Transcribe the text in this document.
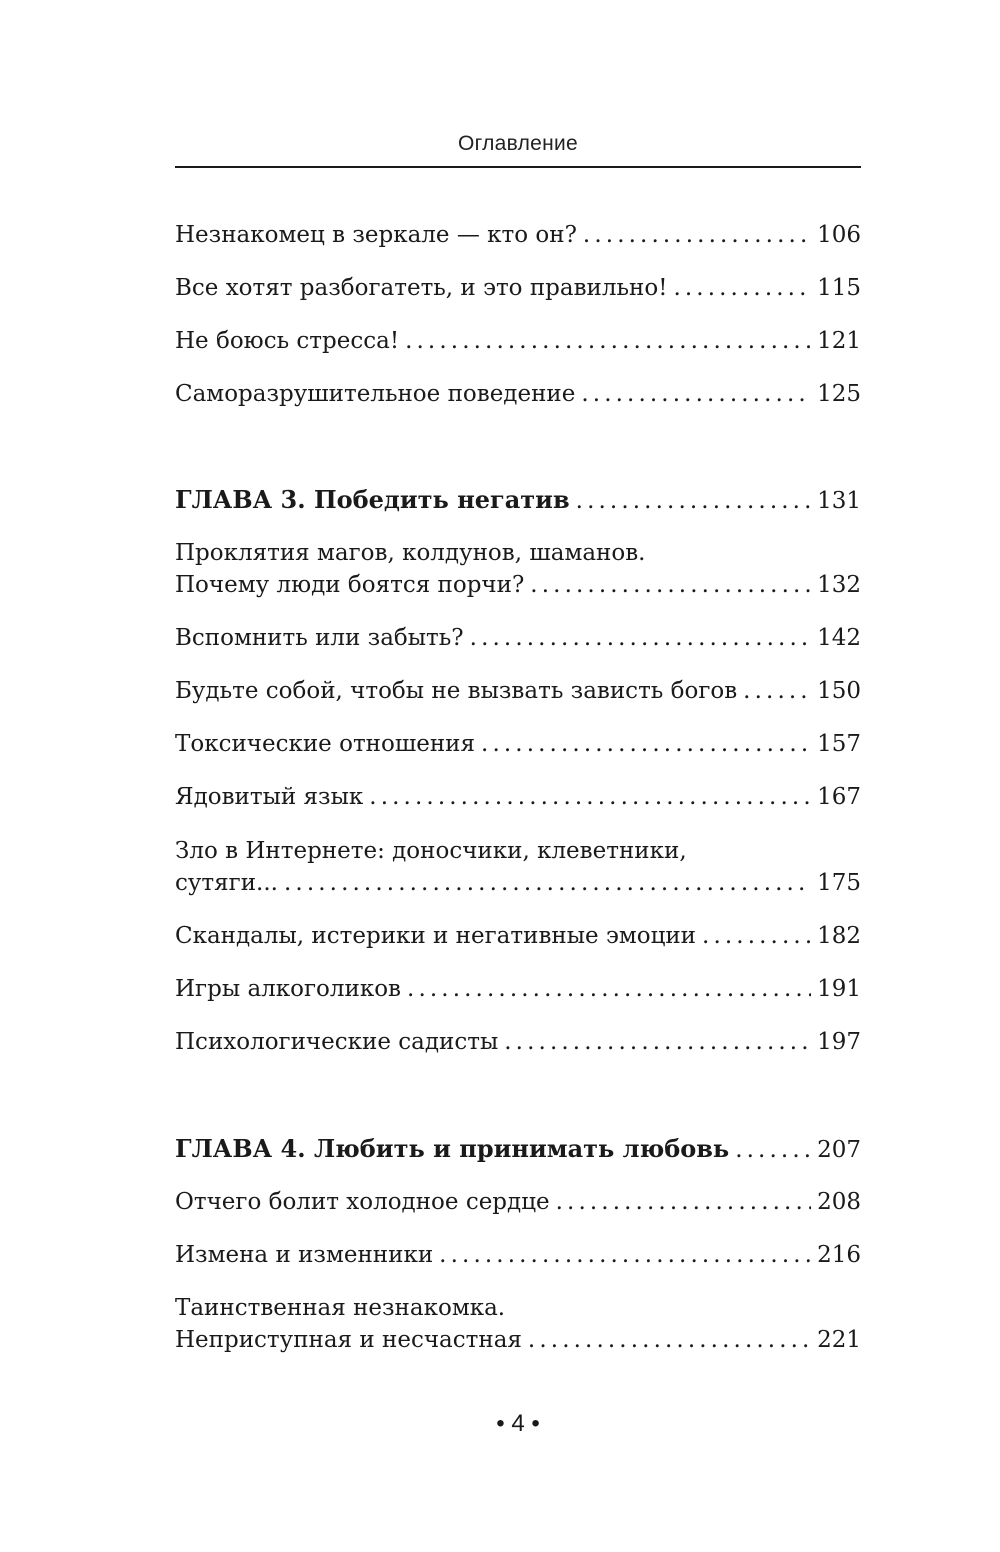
Оглавление
Незнакомец в зеркале — кто он? . . .	106
Все хотят разбогатеть, и это правильно! . . .	115
Не боюсь стресса! . . .	121
Саморазрушительное поведение . . .	125
ГЛАВА 3. Победить негатив . . .	131
Проклятия магов, колдунов, шаманов.
Почему люди боятся порчи? . . .	132
Вспомнить или забыть? . . .	142
Будьте собой, чтобы не вызвать зависть богов . . .	150
Токсические отношения . . .	157
Ядовитый язык . . .	167
Зло в Интернете: доносчики, клеветники,
сутяги... . . .	175
Скандалы, истерики и негативные эмоции . . .	182
Игры алкоголиков . . .	191
Психологические садисты . . .	197
ГЛАВА 4. Любить и принимать любовь . . .	207
Отчего болит холодное сердце . . .	208
Измена и изменники . . .	216
Таинственная незнакомка.
Неприступная и несчастная . . .	221
• 4 •
